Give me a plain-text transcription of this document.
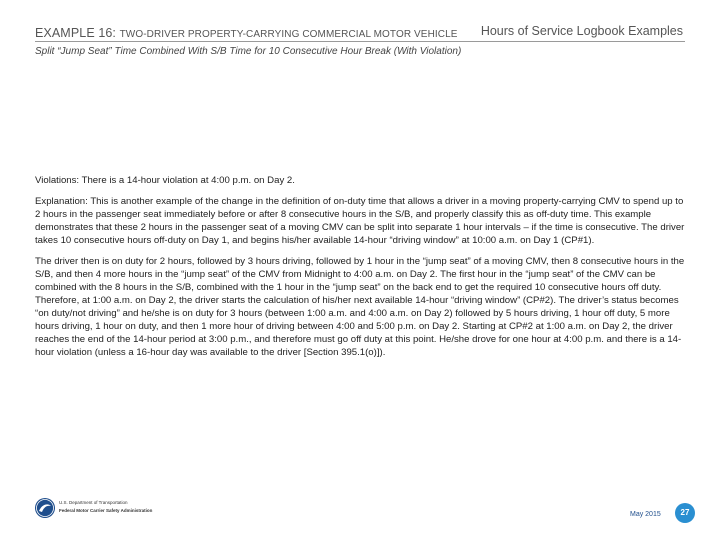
EXAMPLE 16: TWO-DRIVER PROPERTY-CARRYING COMMERCIAL MOTOR VEHICLE Hours of Service Logbook Examples
Split “Jump Seat” Time Combined With S/B Time for 10 Consecutive Hour Break (With Violation)

Violations: There is a 14-hour violation at 4:00 p.m. on Day 2.

Explanation: This is another example of the change in the definition of on-duty time that allows a driver in a moving property-carrying CMV to spend up to 2 hours in the passenger seat immediately before or after 8 consecutive hours in the S/B, and properly classify this as off-duty time. This example demonstrates that these 2 hours in the passenger seat of a moving CMV can be split into separate 1 hour intervals – if the time is consecutive. The driver takes 10 consecutive hours off-duty on Day 1, and begins his/her available 14-hour “driving window” at 10:00 a.m. on Day 1 (CP#1).

The driver then is on duty for 2 hours, followed by 3 hours driving, followed by 1 hour in the “jump seat” of a moving CMV, then 8 consecutive hours in the S/B, and then 4 more hours in the “jump seat” of the CMV from Midnight to 4:00 a.m. on Day 2. The first hour in the “jump seat” of the CMV can be combined with the 8 hours in the S/B, combined with the 1 hour in the “jump seat” on the back end to get the required 10 consecutive hours off duty. Therefore, at 1:00 a.m. on Day 2, the driver starts the calculation of his/her next available 14-hour “driving window” (CP#2). The driver’s status becomes “on duty/not driving” and he/she is on duty for 3 hours (between 1:00 a.m. and 4:00 a.m. on Day 2) followed by 5 hours driving, 1 hour off duty, 5 more hours driving, 1 hour on duty, and then 1 more hour of driving between 4:00 and 5:00 p.m. on Day 2. Starting at CP#2 at 1:00 a.m. on Day 2, the driver reaches the end of the 14-hour period at 3:00 p.m., and therefore must go off duty at this point. He/she drove for one hour at 4:00 p.m. and there is a 14- hour violation (unless a 16-hour day was available to the driver [Section 395.1(o)]).

U.S. Department of Transportation
Federal Motor Carrier Safety Administration
May 2015	27
